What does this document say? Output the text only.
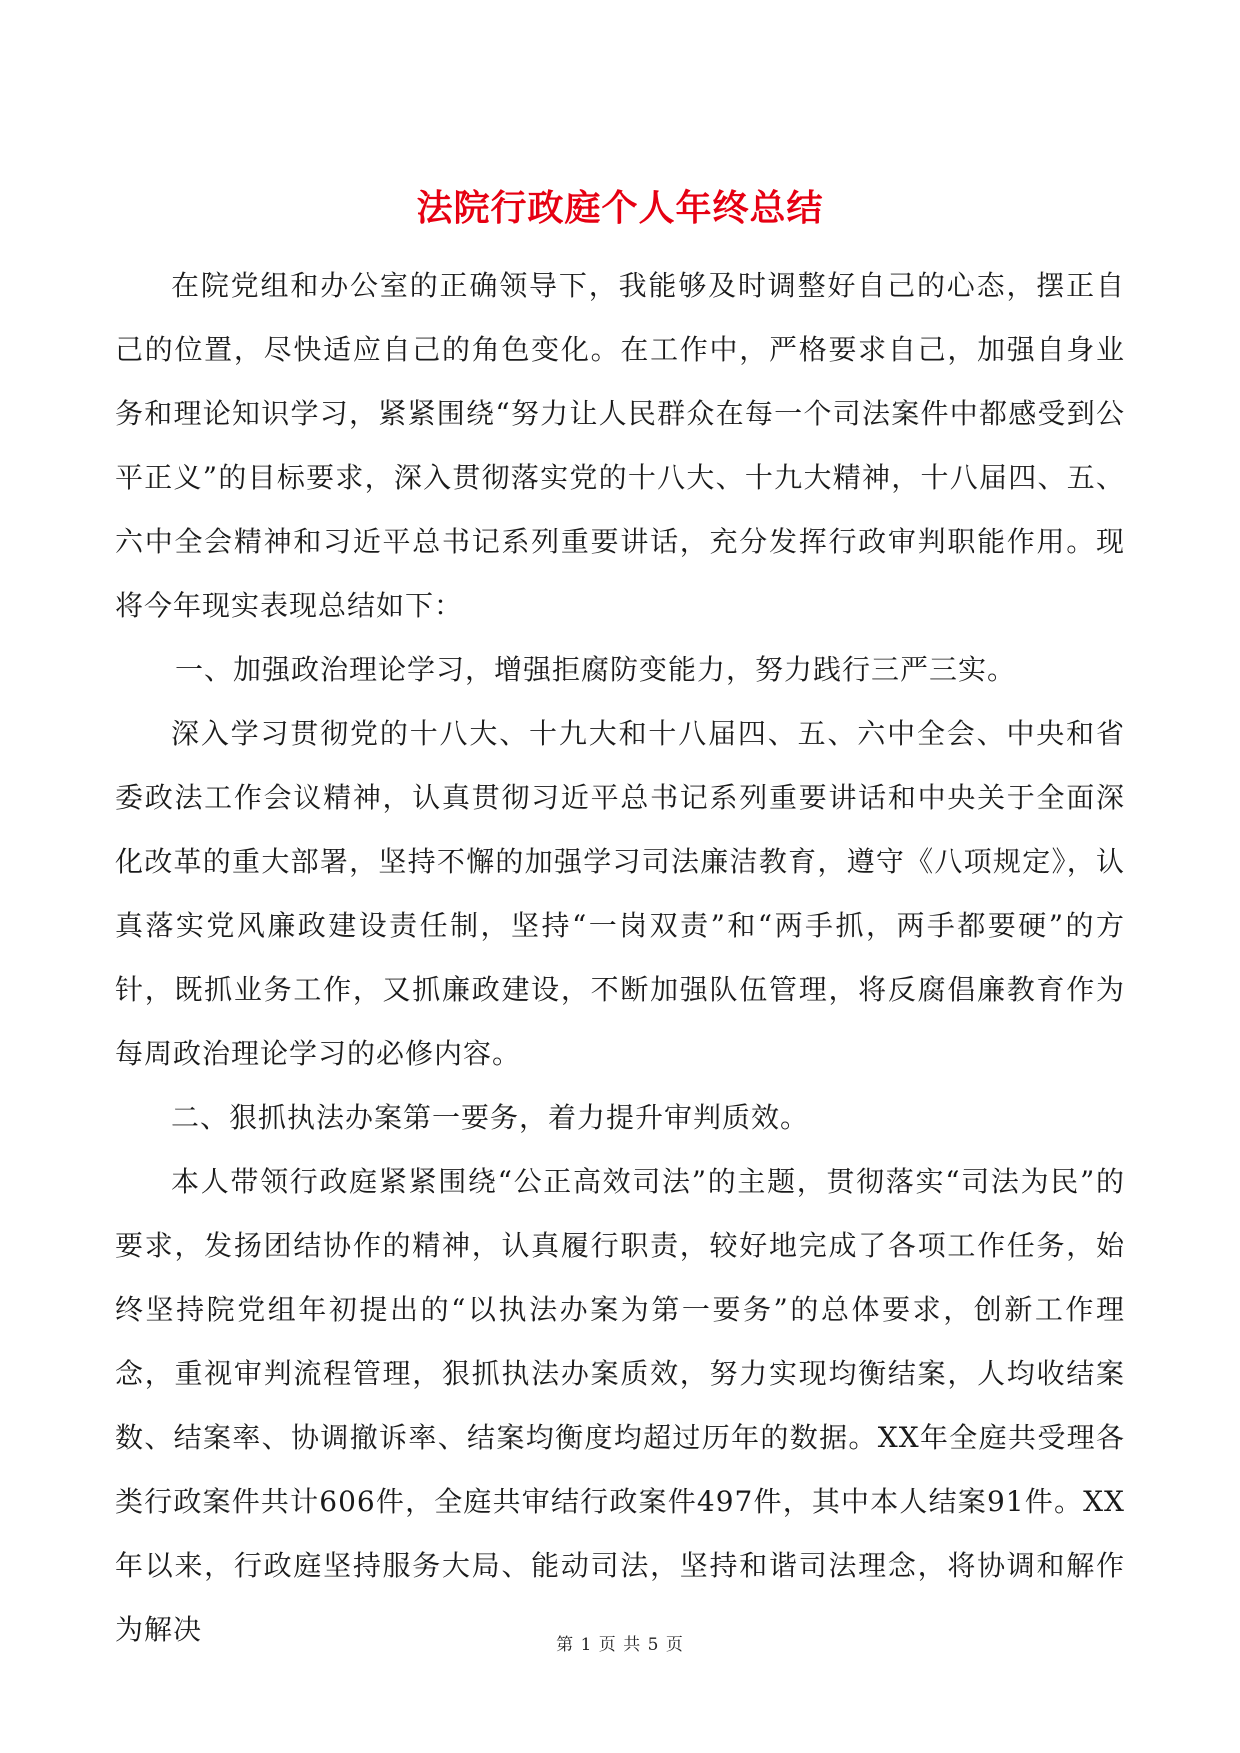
法院行政庭个人年终总结

在院党组和办公室的正确领导下，我能够及时调整好自己的心态，摆正自己的位置，尽快适应自己的角色变化。在工作中，严格要求自己，加强自身业务和理论知识学习，紧紧围绕“努力让人民群众在每一个司法案件中都感受到公平正义”的目标要求，深入贯彻落实党的十八大、十九大精神，十八届四、五、六中全会精神和习近平总书记系列重要讲话，充分发挥行政审判职能作用。现将今年现实表现总结如下：

一、加强政治理论学习，增强拒腐防变能力，努力践行三严三实。

深入学习贯彻党的十八大、十九大和十八届四、五、六中全会、中央和省委政法工作会议精神，认真贯彻习近平总书记系列重要讲话和中央关于全面深化改革的重大部署，坚持不懈的加强学习司法廉洁教育，遵守《八项规定》，认真落实党风廉政建设责任制，坚持“一岗双责”和“两手抓，两手都要硬”的方针，既抓业务工作，又抓廉政建设，不断加强队伍管理，将反腐倡廉教育作为每周政治理论学习的必修内容。

二、狠抓执法办案第一要务，着力提升审判质效。

本人带领行政庭紧紧围绕“公正高效司法”的主题，贯彻落实“司法为民”的要求，发扬团结协作的精神，认真履行职责，较好地完成了各项工作任务，始终坚持院党组年初提出的“以执法办案为第一要务”的总体要求，创新工作理念，重视审判流程管理，狠抓执法办案质效，努力实现均衡结案，人均收结案数、结案率、协调撤诉率、结案均衡度均超过历年的数据。XX年全庭共受理各类行政案件共计606件，全庭共审结行政案件497件，其中本人结案91件。XX年以来，行政庭坚持服务大局、能动司法，坚持和谐司法理念，将协调和解作为解决	第 1 页 共 5 页
